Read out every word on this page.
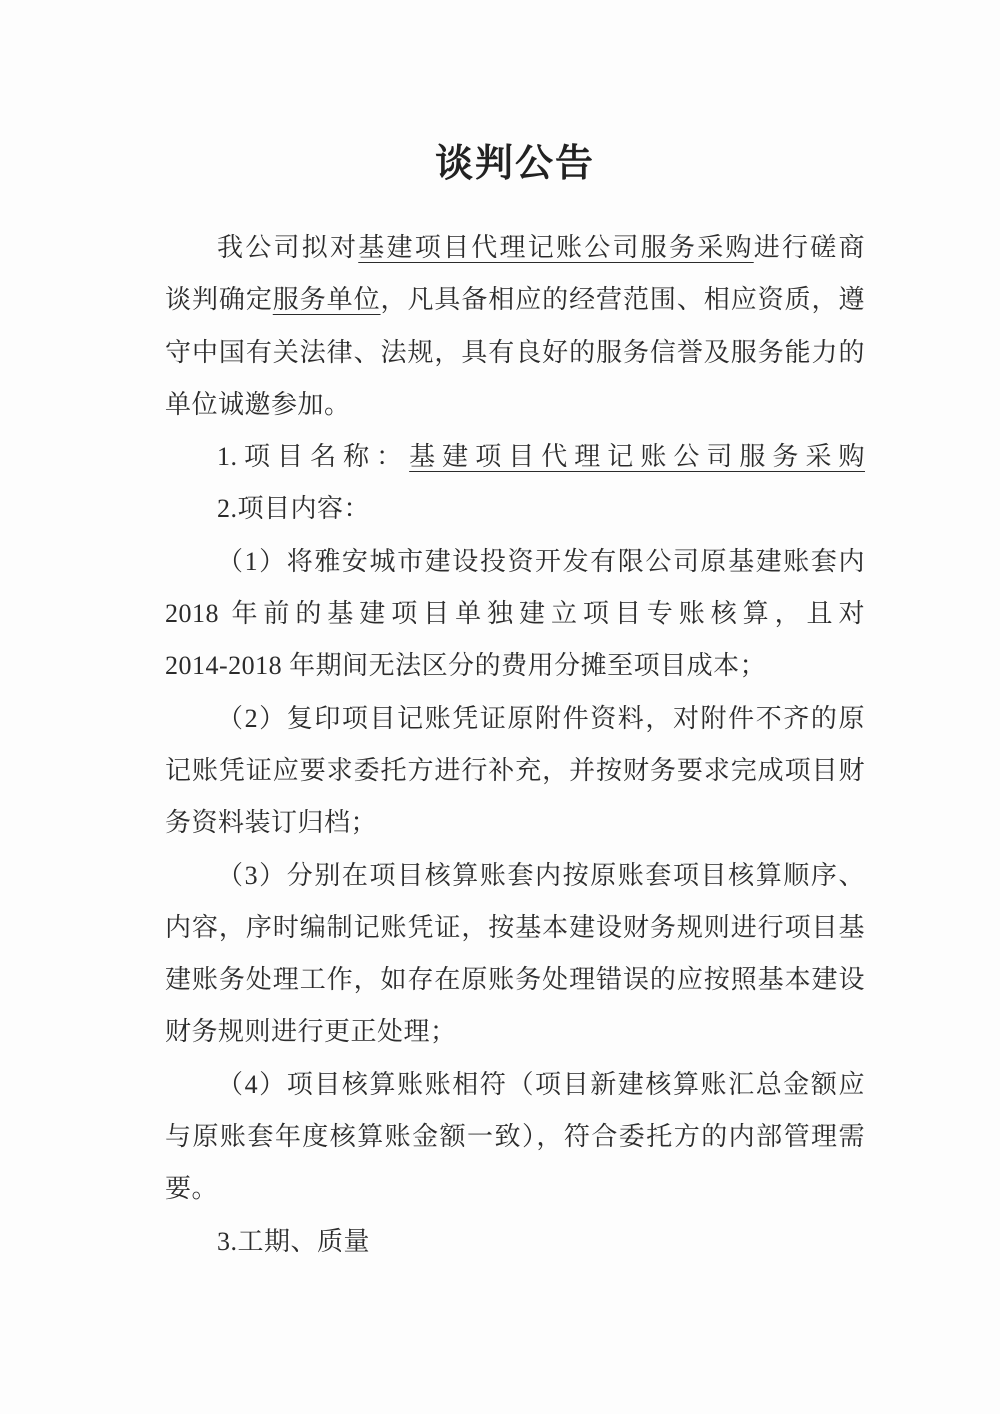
谈判公告
我公司拟对基建项目代理记账公司服务采购进行磋商
谈判确定服务单位，凡具备相应的经营范围、相应资质，遵
守中国有关法律、法规，具有良好的服务信誉及服务能力的
单位诚邀参加。
1.项目名称：基建项目代理记账公司服务采购
2.项目内容：
（1）将雅安城市建设投资开发有限公司原基建账套内
2018 年前的基建项目单独建立项目专账核算，且对
2014-2018 年期间无法区分的费用分摊至项目成本；
（2）复印项目记账凭证原附件资料，对附件不齐的原
记账凭证应要求委托方进行补充，并按财务要求完成项目财
务资料装订归档；
（3）分别在项目核算账套内按原账套项目核算顺序、
内容，序时编制记账凭证，按基本建设财务规则进行项目基
建账务处理工作，如存在原账务处理错误的应按照基本建设
财务规则进行更正处理；
（4）项目核算账账相符（项目新建核算账汇总金额应
与原账套年度核算账金额一致），符合委托方的内部管理需
要。
3.工期、质量
